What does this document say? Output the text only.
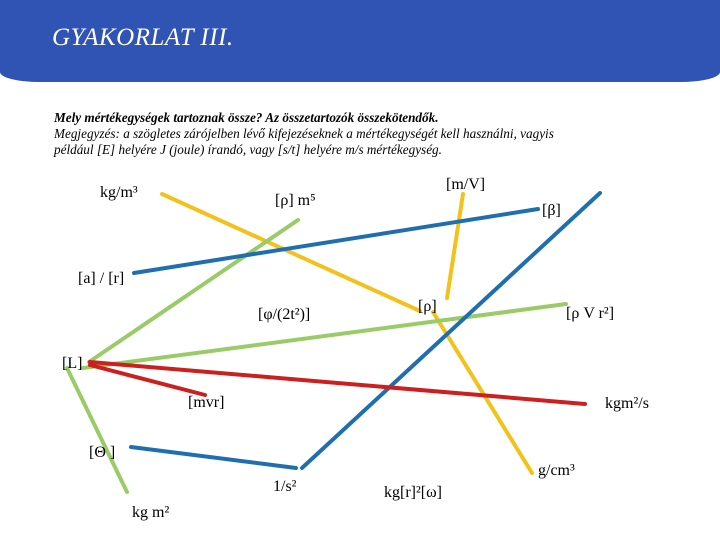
GYAKORLAT III.
Mely mértékegységek tartoznak össze? Az összetartozók összekötendők.
Megjegyzés: a szögletes zárójelben lévő kifejezéseknek a mértékegységét kell használni, vagyis
például [E] helyére J (joule) írandó, vagy [s/t] helyére m/s mértékegység.
kg/m³	[ρ] m⁵
[m/V]
[β]
[a] / [r]
[φ/(2t²)]	[ρ]	[ρ V r²]
[L]
[mvr]	kgm²/s
[Θ ]
g/cm³
1/s²	kg[r]²[ω]
kg m²
